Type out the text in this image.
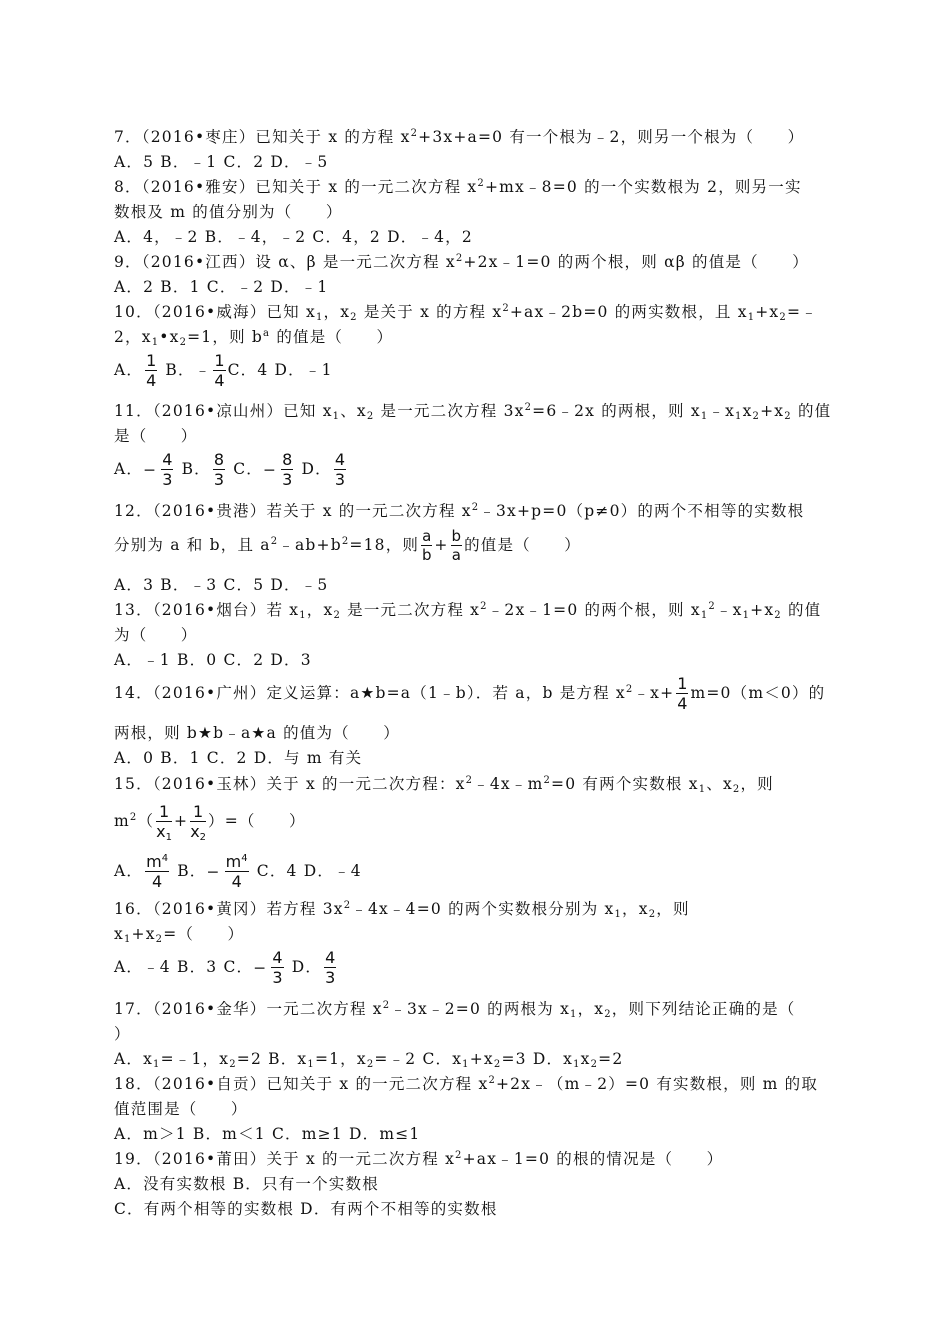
7．（2016•枣庄）已知关于 x 的方程 $x^2+3x+a=0$ 有一个根为﹣2，则另一个根为（　　）
A．5 B．﹣1 C．2 D．﹣5
8．（2016•雅安）已知关于 x 的一元二次方程 $x^2+mx﹣8=0$ 的一个实数根为 2，则另一实
数根及 m 的值分别为（　　）
A．4，﹣2 B．﹣4，﹣2 C．4，2 D．﹣4，2
9．（2016•江西）设 α、β 是一元二次方程 $x^2+2x﹣1=0$ 的两个根，则 αβ 的值是（　　）
A．2 B．1 C．﹣2 D．﹣1
10．（2016•威海）已知 $x_1$，$x_2$ 是关于 x 的方程 $x^2+ax﹣2b=0$ 的两实数根，且 $x_1+x_2=﹣$
2，$x_1•x_2=1$，则 $b^a$ 的值是（　　）
A． $\frac{1}{4}$ B．﹣ $\frac{1}{4}$ C．4 D．﹣1
11．（2016•凉山州）已知 $x_1$、$x_2$ 是一元二次方程 $3x^2=6﹣2x$ 的两根，则 $x_1﹣x_1x_2+x_2$ 的值
是（　　）
A．− $\frac{4}{3}$ B． $\frac{8}{3}$ C．− $\frac{8}{3}$ D． $\frac{4}{3}$
12．（2016•贵港）若关于 x 的一元二次方程 $x^2﹣3x+p=0(p\ne 0)$的两个不相等的实数根
分别为 a 和 b，且 $a^2﹣ab+b^2=18$，则 $\frac{a}{b} + \frac{b}{a}$ 的值是（　　）
A．3 B．﹣3 C．5 D．﹣5
13．（2016•烟台）若 $x_1$，$x_2$ 是一元二次方程 $x^2﹣2x﹣1=0$ 的两个根，则 $x_1^2﹣x_1+x_2$ 的值
为（　　）
A．﹣1 B．0 C．2 D．3
14．（2016•广州）定义运算：a★b=a（1﹣b）．若 a，b 是方程 $x^2﹣x+ \frac{1}{4} m=0(m<0)$的
两根，则 b★b﹣a★a 的值为（　　）
A．0 B．1 C．2 D．与 m 有关
15．（2016•玉林）关于 x 的一元二次方程：$x^2﹣4x﹣m^2=0$ 有两个实数根 $x_1$、$x_2$，则
$m^2( \frac{1}{x_1} + \frac{1}{x_2}$ ）=（　　）
A． $\frac{m^4}{4}$ B．− $\frac{m^4}{4}$ C．4 D．﹣4
16．（2016•黄冈）若方程 $3x^2﹣4x﹣4=0$ 的两个实数根分别为 $x_1$，$x_2$，则
$x_1+x_2=$（　　）
A．﹣4 B．3 C．− $\frac{4}{3}$ D． $\frac{4}{3}$
17．（2016•金华）一元二次方程 $x^2﹣3x﹣2=0$ 的两根为 $x_1$，$x_2$，则下列结论正确的是（
）
A．$x_1=﹣1$，$x_2=2$ B．$x_1=1$，$x_2=﹣2$ C．$x_1+x_2=3$ D．$x_1x_2=2$
18．（2016•自贡）已知关于 x 的一元二次方程 $x^2+2x﹣(m﹣2)=0$ 有实数根，则 m 的取
值范围是（　　）
A．m＞1 B．m＜1 C．m≥1 D．m≤1
19．（2016•莆田）关于 x 的一元二次方程 $x^2+ax﹣1=0$ 的根的情况是（　　）
A．没有实数根 B．只有一个实数根
C．有两个相等的实数根 D．有两个不相等的实数根
